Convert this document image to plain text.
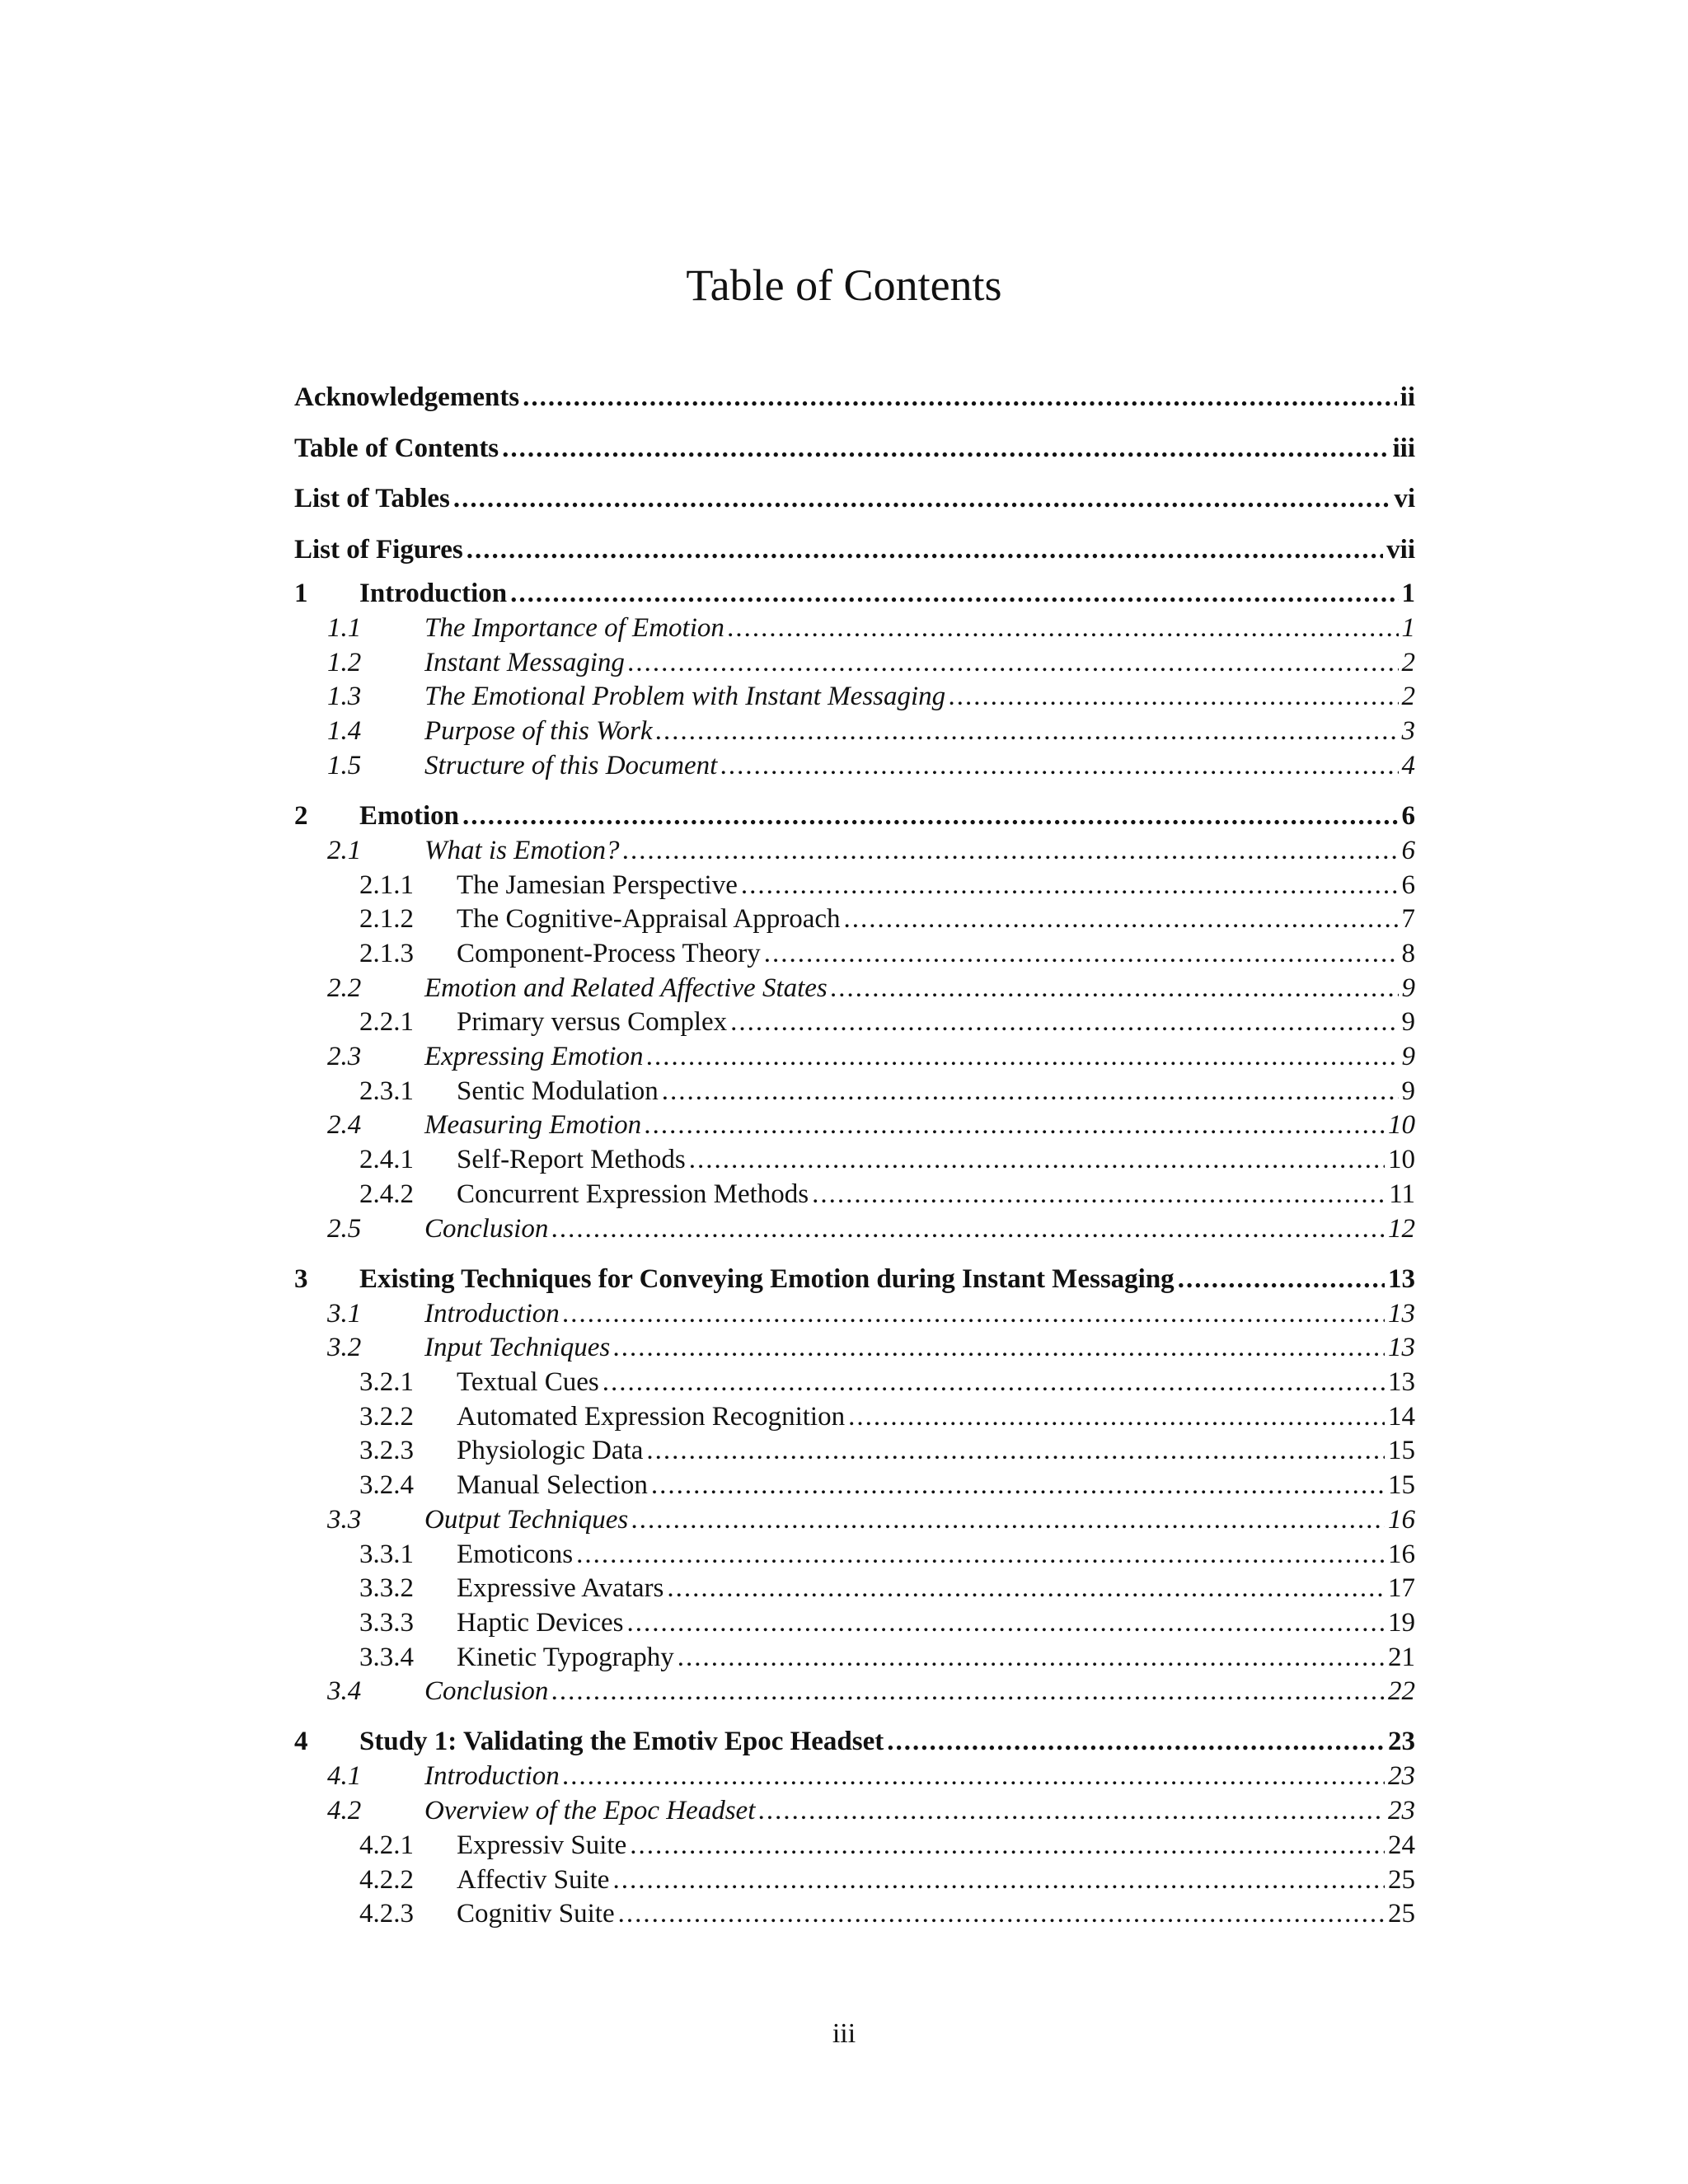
Table of Contents
Acknowledgements .....	ii
Table of Contents .....	iii
List of Tables .....	vi
List of Figures .....	vii
1	Introduction .....	1
1.1	The Importance of Emotion .....	1
1.2	Instant Messaging .....	2
1.3	The Emotional Problem with Instant Messaging .....	2
1.4	Purpose of this Work .....	3
1.5	Structure of this Document .....	4
2	Emotion .....	6
2.1	What is Emotion? .....	6
2.1.1	The Jamesian Perspective .....	6
2.1.2	The Cognitive-Appraisal Approach .....	7
2.1.3	Component-Process Theory .....	8
2.2	Emotion and Related Affective States .....	9
2.2.1	Primary versus Complex .....	9
2.3	Expressing Emotion .....	9
2.3.1	Sentic Modulation .....	9
2.4	Measuring Emotion .....	10
2.4.1	Self-Report Methods .....	10
2.4.2	Concurrent Expression Methods .....	11
2.5	Conclusion .....	12
3	Existing Techniques for Conveying Emotion during Instant Messaging .....	13
3.1	Introduction .....	13
3.2	Input Techniques .....	13
3.2.1	Textual Cues .....	13
3.2.2	Automated Expression Recognition .....	14
3.2.3	Physiologic Data .....	15
3.2.4	Manual Selection .....	15
3.3	Output Techniques .....	16
3.3.1	Emoticons .....	16
3.3.2	Expressive Avatars .....	17
3.3.3	Haptic Devices .....	19
3.3.4	Kinetic Typography .....	21
3.4	Conclusion .....	22
4	Study 1: Validating the Emotiv Epoc Headset .....	23
4.1	Introduction .....	23
4.2	Overview of the Epoc Headset .....	23
4.2.1	Expressiv Suite .....	24
4.2.2	Affectiv Suite .....	25
4.2.3	Cognitiv Suite .....	25
iii
